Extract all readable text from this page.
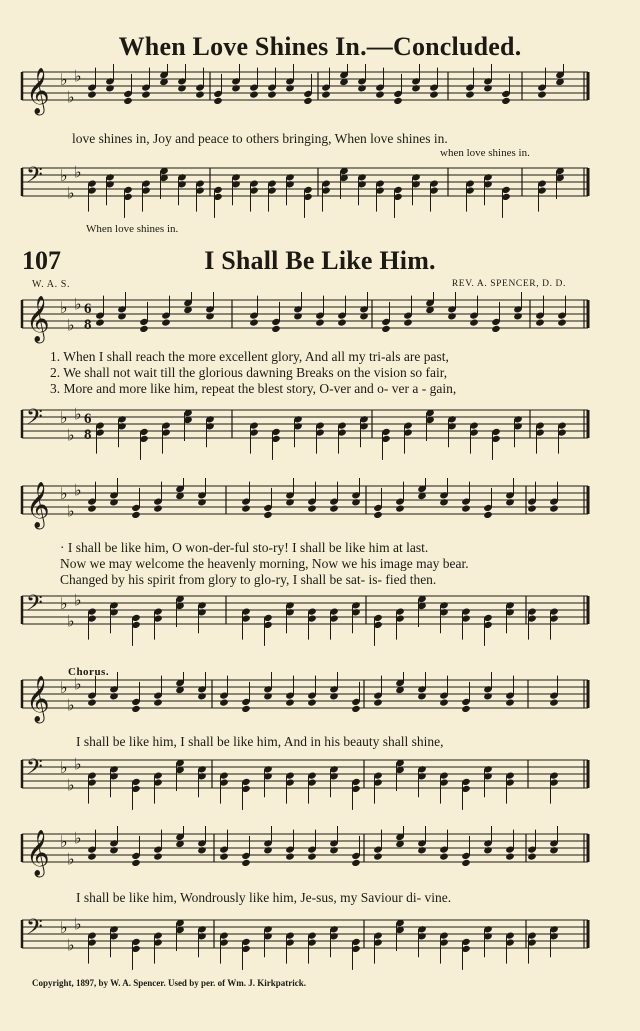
When Love Shines In.—Concluded.
𝄞 ♭
♭
♭
love shines in, Joy and peace to others bringing, When love shines in.
when love shines in.
𝄢 ♭
♭
♭
When love shines in.
107	I Shall Be Like Him.
W. A. S.	REV. A. SPENCER, D. D.
𝄞 ♭
♭
♭ 6
8
1. When I shall reach the more excellent glory, And all my tri-als are past,
2. We shall not wait till the glorious dawning Breaks on the vision so fair,
3. More and more like him, repeat the blest story, O-ver and o- ver a - gain,
𝄢 ♭
♭
♭ 6
8
𝄞 ♭
♭
♭
· I shall be like him, O won-der-ful sto-ry! I shall be like him at last.
Now we may welcome the heavenly morning, Now we his image may bear.
Changed by his spirit from glory to glo-ry, I shall be sat- is- fied then.
𝄢 ♭
♭
♭
Chorus.
𝄞 ♭
♭
♭
I shall be like him, I shall be like him, And in his beauty shall shine,
𝄢 ♭
♭
♭
𝄞 ♭
♭
♭
I shall be like him, Wondrously like him, Je-sus, my Saviour di- vine.
𝄢 ♭
♭
♭
Copyright, 1897, by W. A. Spencer. Used by per. of Wm. J. Kirkpatrick.
